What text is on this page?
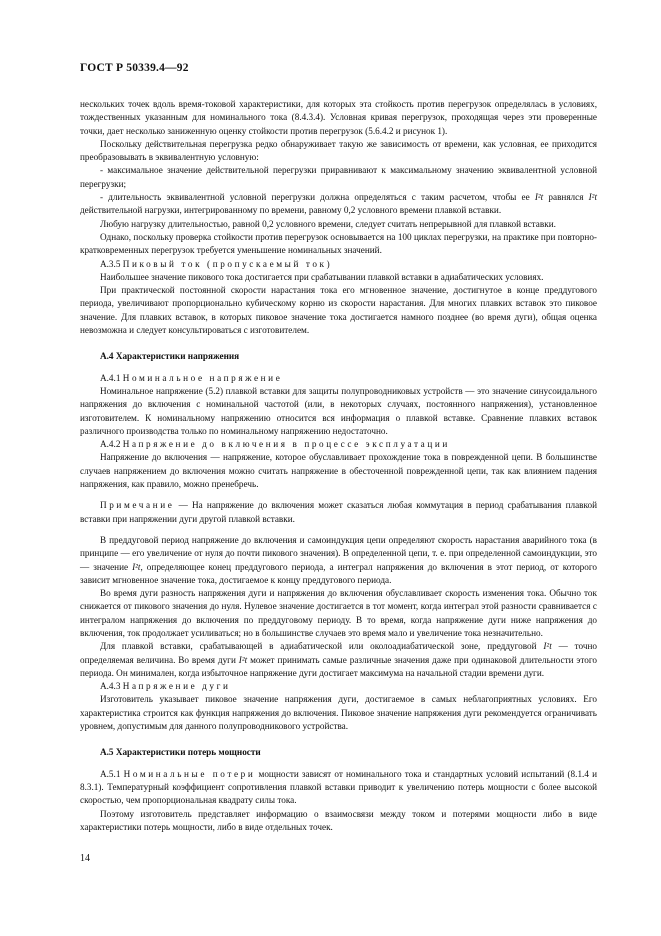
ГОСТ Р 50339.4—92

нескольких точек вдоль время-токовой характеристики, для которых эта стойкость против перегрузок определялась в условиях, тождественных указанным для номинального тока (8.4.3.4). Условная кривая перегрузок, проходящая через эти проверенные точки, дает несколько заниженную оценку стойкости против перегрузок (5.6.4.2 и рисунок 1).

Поскольку действительная перегрузка редко обнаруживает такую же зависимость от времени, как условная, ее приходится преобразовывать в эквивалентную условную:

- максимальное значение действительной перегрузки приравнивают к максимальному значению эквивалентной условной перегрузки;

- длительность эквивалентной условной перегрузки должна определяться с таким расчетом, чтобы ее I²t равнялся I²t действительной нагрузки, интегрированному по времени, равному 0,2 условного времени плавкой вставки.

Любую нагрузку длительностью, равной 0,2 условного времени, следует считать непрерывной для плавкой вставки.

Однако, поскольку проверка стойкости против перегрузок основывается на 100 циклах перегрузки, на практике при повторно-кратковременных перегрузок требуется уменьшение номинальных значений.

А.3.5 Пиковый ток (пропускаемый ток)

Наибольшее значение пикового тока достигается при срабатывании плавкой вставки в адиабатических условиях.

При практической постоянной скорости нарастания тока его мгновенное значение, достигнутое в конце преддугового периода, увеличивают пропорционально кубическому корню из скорости нарастания. Для многих плавких вставок это пиковое значение. Для плавких вставок, в которых пиковое значение тока достигается намного позднее (во время дуги), общая оценка невозможна и следует консультироваться с изготовителем.

А.4 Характеристики напряжения

А.4.1 Номинальное напряжение

Номинальное напряжение (5.2) плавкой вставки для защиты полупроводниковых устройств — это значение синусоидального напряжения до включения с номинальной частотой (или, в некоторых случаях, постоянного напряжения), установленное изготовителем. К номинальному напряжению относится вся информация о плавкой вставке. Сравнение плавких вставок различного производства только по номинальному напряжению недостаточно.

А.4.2 Напряжение до включения в процессе эксплуатации

Напряжение до включения — напряжение, которое обуславливает прохождение тока в поврежденной цепи. В большинстве случаев напряжением до включения можно считать напряжение в обесточенной поврежденной цепи, так как влиянием падения напряжения, как правило, можно пренебречь.

Примечание — На напряжение до включения может сказаться любая коммутация в период срабатывания плавкой вставки при напряжении дуги другой плавкой вставки.

В преддуговой период напряжение до включения и самоиндукция цепи определяют скорость нарастания аварийного тока (в принципе — его увеличение от нуля до почти пикового значения). В определенной цепи, т. е. при определенной самоиндукции, это — значение I²t, определяющее конец преддугового периода, а интеграл напряжения до включения в этот период, от которого зависит мгновенное значение тока, достигаемое к концу преддугового периода.

Во время дуги разность напряжения дуги и напряжения до включения обуславливает скорость изменения тока. Обычно ток снижается от пикового значения до нуля. Нулевое значение достигается в тот момент, когда интеграл этой разности сравнивается с интегралом напряжения до включения по преддуговому периоду. В то время, когда напряжение дуги ниже напряжения до включения, ток продолжает усиливаться; но в большинстве случаев это время мало и увеличение тока незначительно.

Для плавкой вставки, срабатывающей в адиабатической или околоадиабатической зоне, преддуговой I²t — точно определяемая величина. Во время дуги I²t может принимать самые различные значения даже при одинаковой длительности этого периода. Он минимален, когда избыточное напряжение дуги достигает максимума на начальной стадии времени дуги.

А.4.3 Напряжение дуги

Изготовитель указывает пиковое значение напряжения дуги, достигаемое в самых неблагоприятных условиях. Его характеристика строится как функция напряжения до включения. Пиковое значение напряжения дуги рекомендуется ограничивать уровнем, допустимым для данного полупроводникового устройства.

А.5 Характеристики потерь мощности

А.5.1 Номинальные потери мощности зависят от номинального тока и стандартных условий испытаний (8.1.4 и 8.3.1). Температурный коэффициент сопротивления плавкой вставки приводит к увеличению потерь мощности с более высокой скоростью, чем пропорциональная квадрату силы тока.

Поэтому изготовитель представляет информацию о взаимосвязи между током и потерями мощности либо в виде характеристики потерь мощности, либо в виде отдельных точек.

14
